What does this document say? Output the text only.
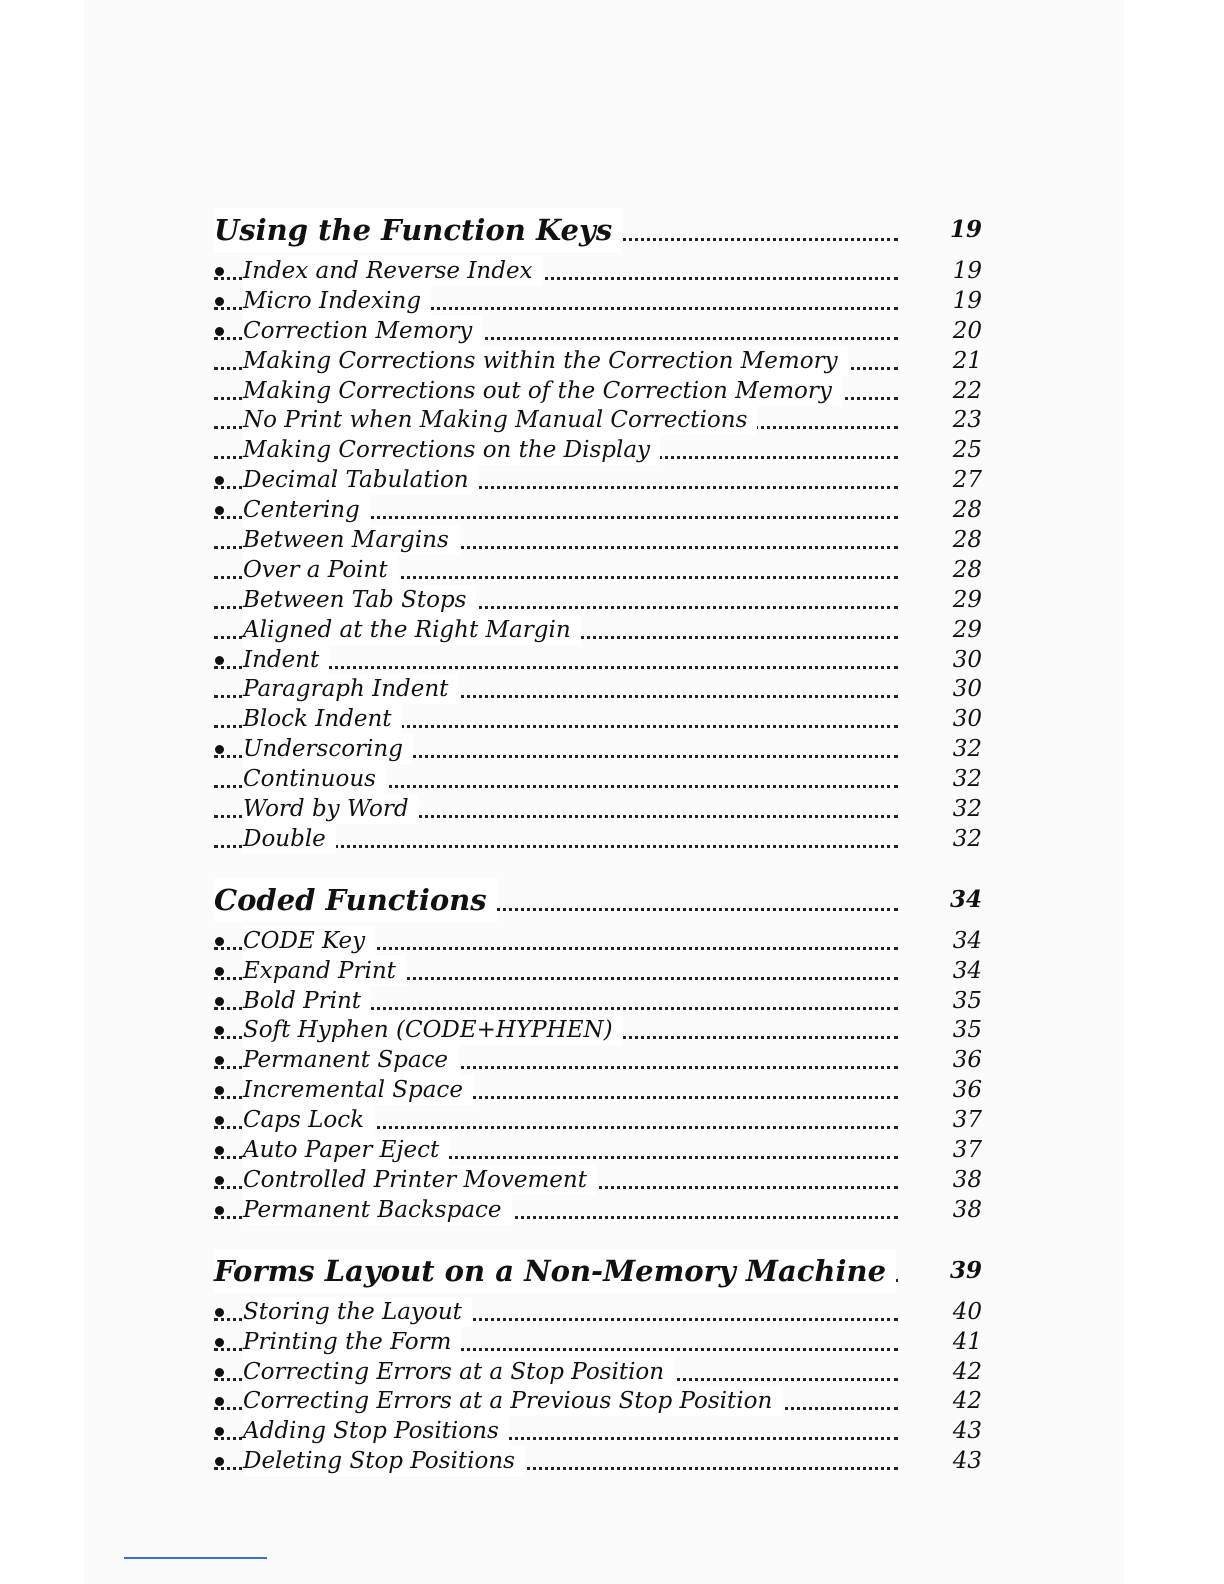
Using the Function Keys	19
Index and Reverse Index	19
Micro Indexing	19
Correction Memory	20
Making Corrections within the Correction Memory	21
Making Corrections out of the Correction Memory	22
No Print when Making Manual Corrections	23
Making Corrections on the Display	25
Decimal Tabulation	27
Centering	28
Between Margins	28
Over a Point	28
Between Tab Stops	29
Aligned at the Right Margin	29
Indent	30
Paragraph Indent	30
Block Indent	30
Underscoring	32
Continuous	32
Word by Word	32
Double	32
Coded Functions	34
CODE Key	34
Expand Print	34
Bold Print	35
Soft Hyphen (CODE+HYPHEN)	35
Permanent Space	36
Incremental Space	36
Caps Lock	37
Auto Paper Eject	37
Controlled Printer Movement	38
Permanent Backspace	38
Forms Layout on a Non-Memory Machine	39
Storing the Layout	40
Printing the Form	41
Correcting Errors at a Stop Position	42
Correcting Errors at a Previous Stop Position	42
Adding Stop Positions	43
Deleting Stop Positions	43
